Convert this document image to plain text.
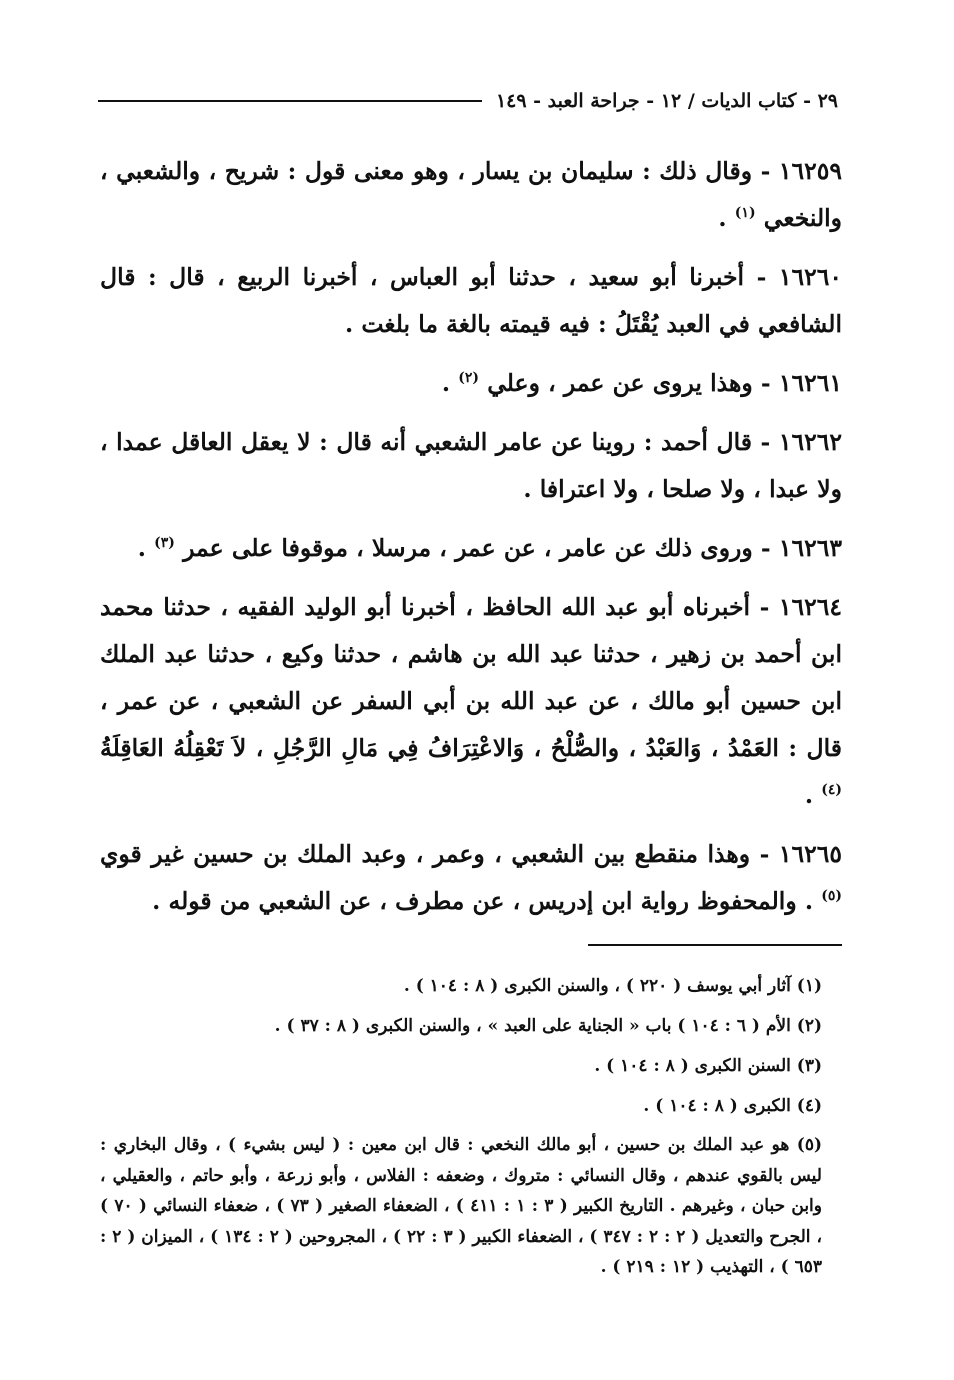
٢٩ - كتاب الديات / ١٢ - جراحة العبد - ١٤٩

١٦٢٥٩ - وقال ذلك : سليمان بن يسار ، وهو معنى قول : شريح ، والشعبي ، والنخعي $^{(١)}$ .

١٦٢٦٠ - أخبرنا أبو سعيد ، حدثنا أبو العباس ، أخبرنا الربيع ، قال : قال الشافعي في العبد يُقْتَلُ : فيه قيمته بالغة ما بلغت .

١٦٢٦١ - وهذا يروى عن عمر ، وعلي $^{(٢)}$ .

١٦٢٦٢ - قال أحمد : روينا عن عامر الشعبي أنه قال : لا يعقل العاقل عمدا ، ولا عبدا ، ولا صلحا ، ولا اعترافا .

١٦٢٦٣ - وروى ذلك عن عامر ، عن عمر ، مرسلا ، موقوفا على عمر $^{(٣)}$ .

١٦٢٦٤ - أخبرناه أبو عبد الله الحافظ ، أخبرنا أبو الوليد الفقيه ، حدثنا محمد ابن أحمد بن زهير ، حدثنا عبد الله بن هاشم ، حدثنا وكيع ، حدثنا عبد الملك ابن حسين أبو مالك ، عن عبد الله بن أبي السفر عن الشعبي ، عن عمر ، قال : العَمْدُ ، وَالعَبْدُ ، والصُّلْحُ ، وَالاعْتِرَافُ فِي مَالِ الرَّجُلِ ، لاَ تَعْقِلُهُ العَاقِلَةُ $^{(٤)}$ .

١٦٢٦٥ - وهذا منقطع بين الشعبي ، وعمر ، وعبد الملك بن حسين غير قوي $^{(٥)}$ . والمحفوظ رواية ابن إدريس ، عن مطرف ، عن الشعبي من قوله .

(١) آثار أبي يوسف ( ٢٢٠ ) ، والسنن الكبرى ( ٨ : ١٠٤ ) .

(٢) الأم ( ٦ : ١٠٤ ) باب « الجناية على العبد » ، والسنن الكبرى ( ٨ : ٣٧ ) .

(٣) السنن الكبرى ( ٨ : ١٠٤ ) .

(٤) الكبرى ( ٨ : ١٠٤ ) .

(٥) هو عبد الملك بن حسين ، أبو مالك النخعي : قال ابن معين : ( ليس بشيء ) ، وقال البخاري : ليس بالقوي عندهم ، وقال النسائي : متروك ، وضعفه : الفلاس ، وأبو زرعة ، وأبو حاتم ، والعقيلي ، وابن حبان ، وغيرهم . التاريخ الكبير ( ٣ : ١ : ٤١١ ) ، الضعفاء الصغير ( ٧٣ ) ، ضعفاء النسائي ( ٧٠ ) ، الجرح والتعديل ( ٢ : ٢ : ٣٤٧ ) ، الضعفاء الكبير ( ٣ : ٢٢ ) ، المجروحين ( ٢ : ١٣٤ ) ، الميزان ( ٢ : ٦٥٣ ) ، التهذيب ( ١٢ : ٢١٩ ) .
